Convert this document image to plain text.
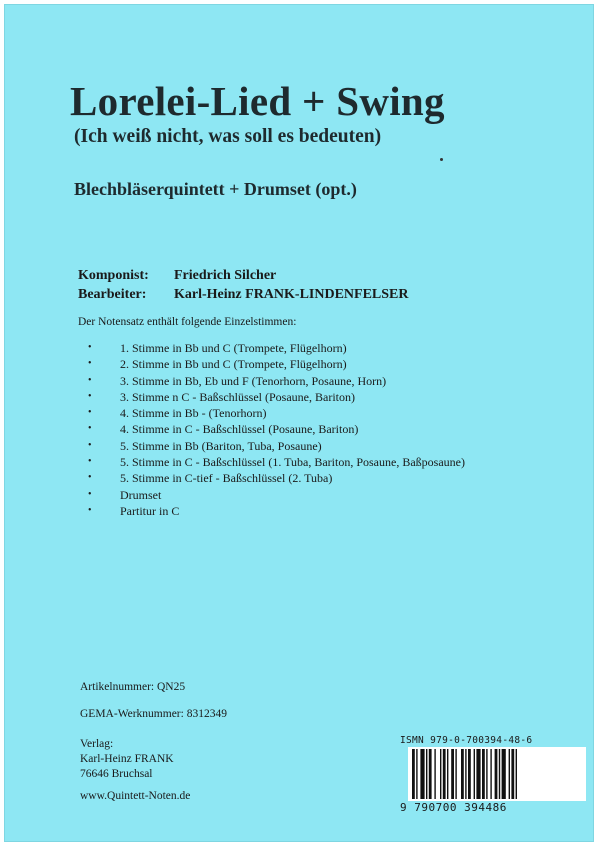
Lorelei-Lied + Swing
(Ich weiß nicht, was soll es bedeuten)
Blechbläserquintett + Drumset (opt.)
Komponist:	Friedrich Silcher
Bearbeiter:	Karl-Heinz FRANK-LINDENFELSER
Der Notensatz enthält folgende Einzelstimmen:
•	1. Stimme in Bb und C (Trompete, Flügelhorn)
•	2. Stimme in Bb und C (Trompete, Flügelhorn)
•	3. Stimme in Bb, Eb und F (Tenorhorn, Posaune, Horn)
•	3. Stimme n C - Baßschlüssel (Posaune, Bariton)
•	4. Stimme in Bb - (Tenorhorn)
•	4. Stimme in C - Baßschlüssel (Posaune, Bariton)
•	5. Stimme in Bb (Bariton, Tuba, Posaune)
•	5. Stimme in C - Baßschlüssel (1. Tuba, Bariton, Posaune, Baßposaune)
•	5. Stimme in C-tief - Baßschlüssel (2. Tuba)
•	Drumset
•	Partitur in C
Artikelnummer: QN25
GEMA-Werknummer: 8312349
Verlag:
Karl-Heinz FRANK
76646 Bruchsal
www.Quintett-Noten.de
ISMN 979-0-700394-48-6
9 790700 394486
